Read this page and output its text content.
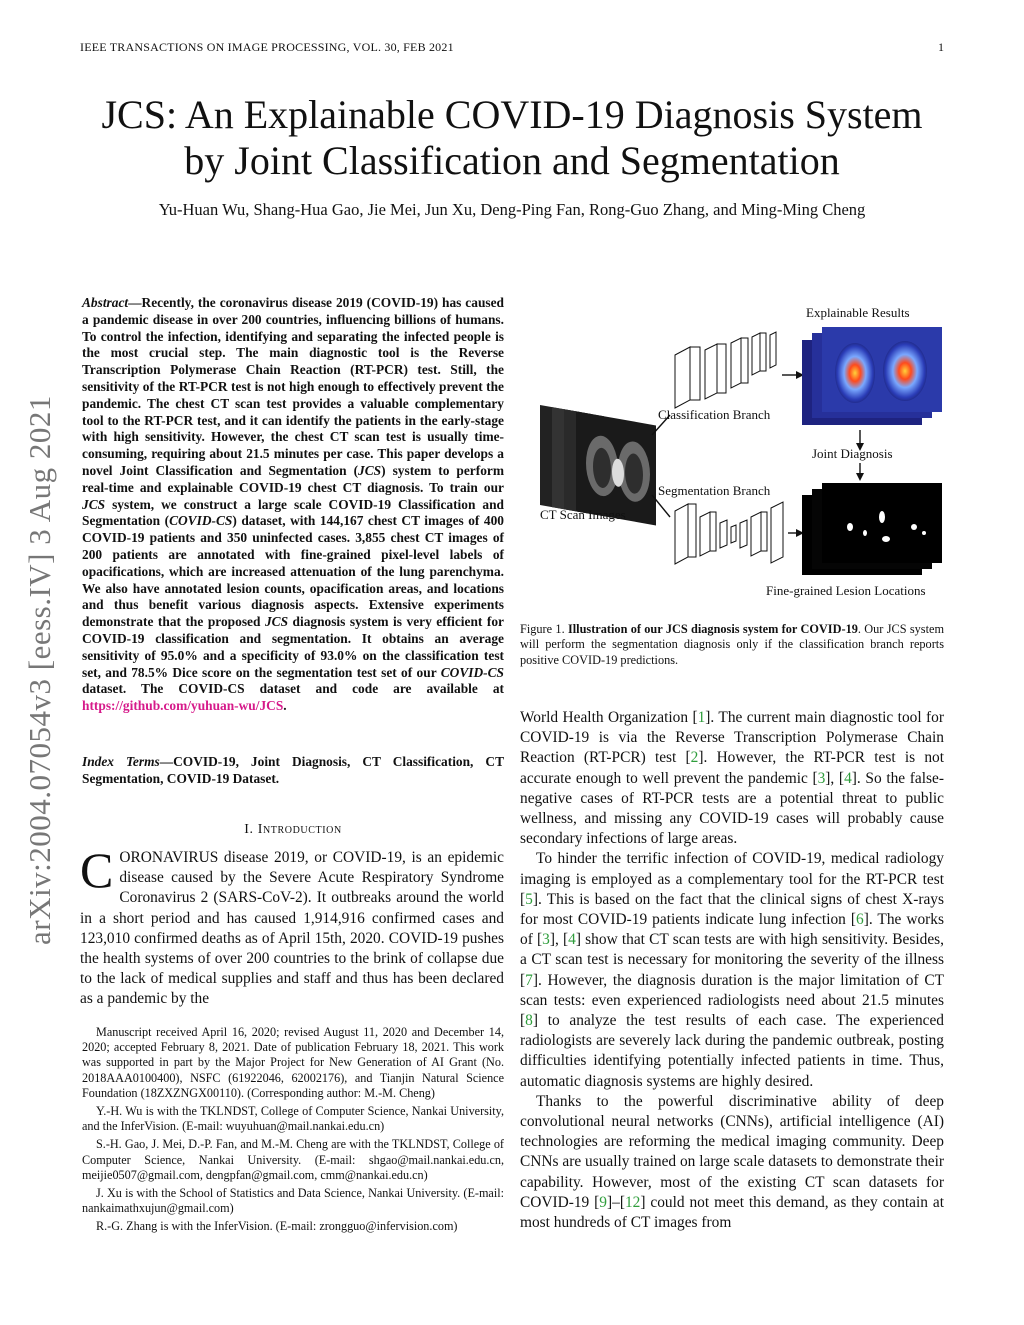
IEEE TRANSACTIONS ON IMAGE PROCESSING, VOL. 30, FEB 2021	1
JCS: An Explainable COVID-19 Diagnosis System
by Joint Classification and Segmentation
Yu-Huan Wu, Shang-Hua Gao, Jie Mei, Jun Xu, Deng-Ping Fan, Rong-Guo Zhang, and Ming-Ming Cheng
arXiv:2004.07054v3 [eess.IV] 3 Aug 2021
Abstract—Recently, the coronavirus disease 2019 (COVID-19) has caused a pandemic disease in over 200 countries, influencing billions of humans. To control the infection, identifying and separating the infected people is the most crucial step. The main diagnostic tool is the Reverse Transcription Polymerase Chain Reaction (RT-PCR) test. Still, the sensitivity of the RT-PCR test is not high enough to effectively prevent the pandemic. The chest CT scan test provides a valuable complementary tool to the RT-PCR test, and it can identify the patients in the early-stage with high sensitivity. However, the chest CT scan test is usually time-consuming, requiring about 21.5 minutes per case. This paper develops a novel Joint Classification and Segmentation (JCS) system to perform real-time and explainable COVID-19 chest CT diagnosis. To train our JCS system, we construct a large scale COVID-19 Classification and Segmentation (COVID-CS) dataset, with 144,167 chest CT images of 400 COVID-19 patients and 350 uninfected cases. 3,855 chest CT images of 200 patients are annotated with fine-grained pixel-level labels of opacifications, which are increased attenuation of the lung parenchyma. We also have annotated lesion counts, opacification areas, and locations and thus benefit various diagnosis aspects. Extensive experiments demonstrate that the proposed JCS diagnosis system is very efficient for COVID-19 classification and segmentation. It obtains an average sensitivity of 95.0% and a specificity of 93.0% on the classification test set, and 78.5% Dice score on the segmentation test set of our COVID-CS dataset. The COVID-CS dataset and code are available at https://github.com/yuhuan-wu/JCS.
Index Terms—COVID-19, Joint Diagnosis, CT Classification, CT Segmentation, COVID-19 Dataset.
I. Introduction
CORONAVIRUS disease 2019, or COVID-19, is an epidemic disease caused by the Severe Acute Respiratory Syndrome Coronavirus 2 (SARS-CoV-2). It outbreaks around the world in a short period and has caused 1,914,916 confirmed cases and 123,010 confirmed deaths as of April 15th, 2020. COVID-19 pushes the health systems of over 200 countries to the brink of collapse due to the lack of medical supplies and staff and thus has been declared as a pandemic by the

Manuscript received April 16, 2020; revised August 11, 2020 and December 14, 2020; accepted February 8, 2021. Date of publication February 18, 2021. This work was supported in part by the Major Project for New Generation of AI Grant (No. 2018AAA0100400), NSFC (61922046, 62002176), and Tianjin Natural Science Foundation (18ZXZNGX00110). (Corresponding author: M.-M. Cheng)

Y.-H. Wu is with the TKLNDST, College of Computer Science, Nankai University, and the InferVision. (E-mail: wuyuhuan@mail.nankai.edu.cn)

S.-H. Gao, J. Mei, D.-P. Fan, and M.-M. Cheng are with the TKLNDST, College of Computer Science, Nankai University. (E-mail: shgao@mail.nankai.edu.cn, meijie0507@gmail.com, dengpfan@gmail.com, cmm@nankai.edu.cn)

J. Xu is with the School of Statistics and Data Science, Nankai University. (E-mail: nankaimathxujun@gmail.com)

R.-G. Zhang is with the InferVision. (E-mail: zrongguo@infervision.com)

CT Scan Images
Classification Branch
Explainable Results
Joint Diagnosis
Segmentation Branch
Fine-grained Lesion Locations
Figure 1. Illustration of our JCS diagnosis system for COVID-19. Our JCS system will perform the segmentation diagnosis only if the classification branch reports positive COVID-19 predictions.

World Health Organization [1]. The current main diagnostic tool for COVID-19 is via the Reverse Transcription Polymerase Chain Reaction (RT-PCR) test [2]. However, the RT-PCR test is not accurate enough to well prevent the pandemic [3], [4]. So the false-negative cases of RT-PCR tests are a potential threat to public wellness, and missing any COVID-19 cases will probably cause secondary infections of large areas.

To hinder the terrific infection of COVID-19, medical radiology imaging is employed as a complementary tool for the RT-PCR test [5]. This is based on the fact that the clinical signs of chest X-rays for most COVID-19 patients indicate lung infection [6]. The works of [3], [4] show that CT scan tests are with high sensitivity. Besides, a CT scan test is necessary for monitoring the severity of the illness [7]. However, the diagnosis duration is the major limitation of CT scan tests: even experienced radiologists need about 21.5 minutes [8] to analyze the test results of each case. The experienced radiologists are severely lack during the pandemic outbreak, posting difficulties identifying potentially infected patients in time. Thus, automatic diagnosis systems are highly desired.

Thanks to the powerful discriminative ability of deep convolutional neural networks (CNNs), artificial intelligence (AI) technologies are reforming the medical imaging community. Deep CNNs are usually trained on large scale datasets to demonstrate their capability. However, most of the existing CT scan datasets for COVID-19 [9]–[12] could not meet this demand, as they contain at most hundreds of CT images from
